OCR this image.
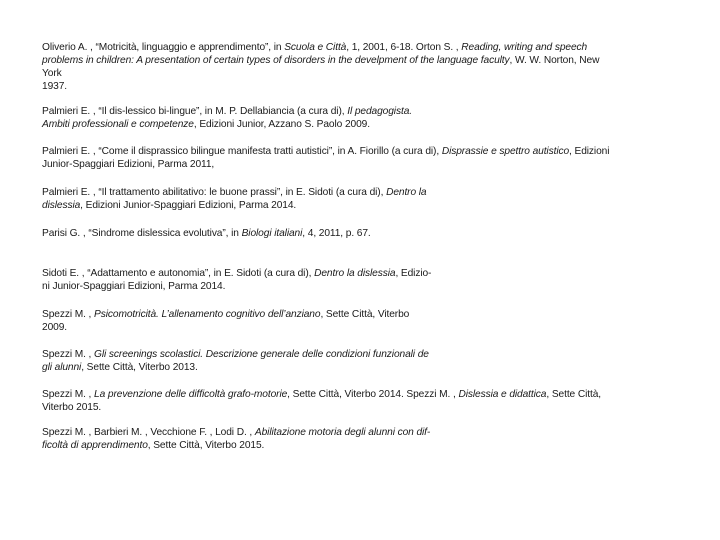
Oliverio A. , “Motricità, linguaggio e apprendimento”, in Scuola e Città, 1, 2001, 6-18. Orton S. , Reading, writing and speech
problems in children: A presentation of certain types of disorders in the develpment of the language faculty, W. W. Norton, New
York
1937.

Palmieri E. , “Il dis-lessico bi-lingue”, in M. P. Dellabiancia (a cura di), Il pedagogista.
Ambiti professionali e competenze, Edizioni Junior, Azzano S. Paolo 2009.

Palmieri E. , “Come il disprassico bilingue manifesta tratti autistici”, in A. Fiorillo (a cura di), Disprassie e spettro autistico, Edizioni
Junior-Spaggiari Edizioni, Parma 2011,

Palmieri E. , “Il trattamento abilitativo: le buone prassi”, in E. Sidoti (a cura di), Dentro la
dislessia, Edizioni Junior-Spaggiari Edizioni, Parma 2014.

Parisi G. , “Sindrome dislessica evolutiva”, in Biologi italiani, 4, 2011, p. 67.

Sidoti E. , “Adattamento e autonomia”, in E. Sidoti (a cura di), Dentro la dislessia, Edizio-
ni Junior-Spaggiari Edizioni, Parma 2014.

Spezzi M. , Psicomotricità. L’allenamento cognitivo dell’anziano, Sette Città, Viterbo
2009.

Spezzi M. , Gli screenings scolastici. Descrizione generale delle condizioni funzionali de
gli alunni, Sette Città, Viterbo 2013.

Spezzi M. , La prevenzione delle difficoltà grafo-motorie, Sette Città, Viterbo 2014. Spezzi M. , Dislessia e didattica, Sette Città,
Viterbo 2015.

Spezzi M. , Barbieri M. , Vecchione F. , Lodi D. , Abilitazione motoria degli alunni con dif-
ficoltà di apprendimento, Sette Città, Viterbo 2015.
